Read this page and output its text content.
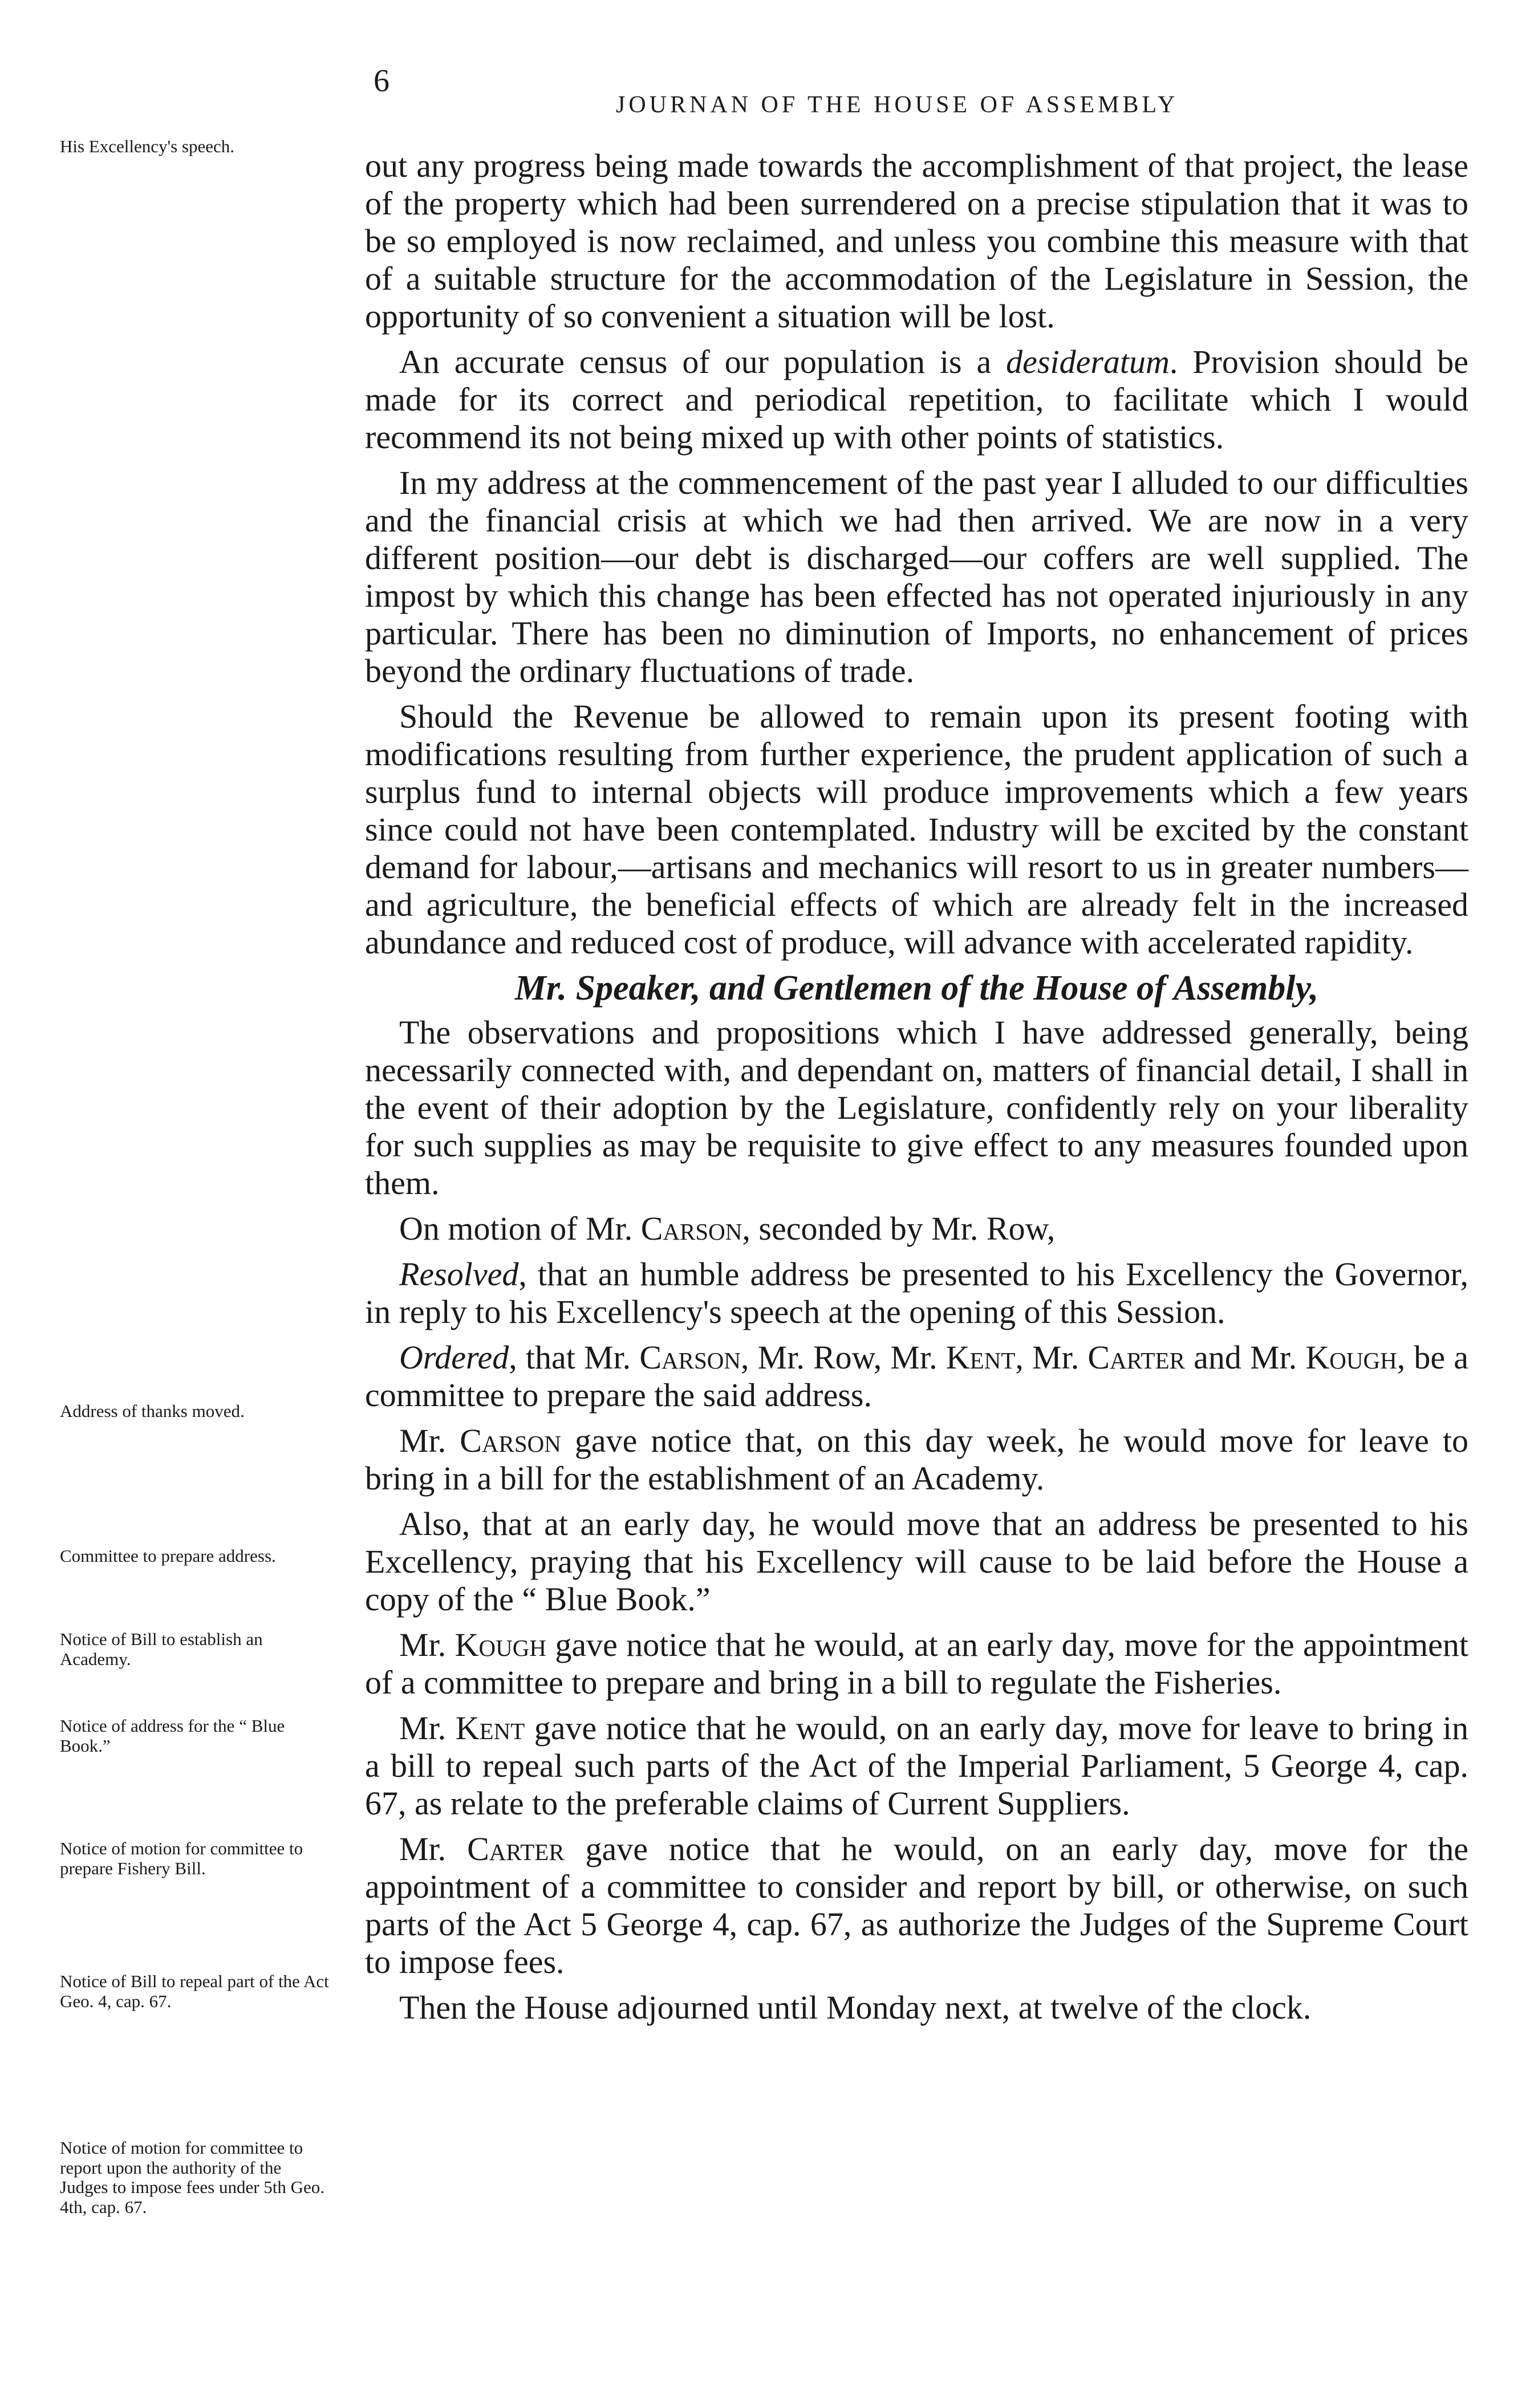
6
JOURNAN OF THE HOUSE OF ASSEMBLY
His Excellency's speech.
Address of thanks moved.
Committee to prepare address.
Notice of Bill to establish an Academy.
Notice of address for the “ Blue Book.”
Notice of motion for committee to prepare Fishery Bill.
Notice of Bill to repeal part of the Act Geo. 4, cap. 67.
Notice of motion for committee to report upon the authority of the Judges to impose fees under 5th Geo. 4th, cap. 67.

out any progress being made towards the accomplishment of that project, the lease of the property which had been surrendered on a precise stipulation that it was to be so employed is now reclaimed, and unless you combine this measure with that of a suitable structure for the accommodation of the Legislature in Session, the opportunity of so convenient a situation will be lost.

An accurate census of our population is a desideratum. Provision should be made for its correct and periodical repetition, to facilitate which I would recommend its not being mixed up with other points of statistics.

In my address at the commencement of the past year I alluded to our difficulties and the financial crisis at which we had then arrived. We are now in a very different position—our debt is discharged—our coffers are well supplied. The impost by which this change has been effected has not operated injuriously in any particular. There has been no diminution of Imports, no enhancement of prices beyond the ordinary fluctuations of trade.

Should the Revenue be allowed to remain upon its present footing with modifications resulting from further experience, the prudent application of such a surplus fund to internal objects will produce improvements which a few years since could not have been contemplated. Industry will be excited by the constant demand for labour,—artisans and mechanics will resort to us in greater numbers—and agriculture, the beneficial effects of which are already felt in the increased abundance and reduced cost of produce, will advance with accelerated rapidity.

Mr. Speaker, and Gentlemen of the House of Assembly,

The observations and propositions which I have addressed generally, being necessarily connected with, and dependant on, matters of financial detail, I shall in the event of their adoption by the Legislature, confidently rely on your liberality for such supplies as may be requisite to give effect to any measures founded upon them.

On motion of Mr. Carson, seconded by Mr. Row,

Resolved, that an humble address be presented to his Excellency the Governor, in reply to his Excellency's speech at the opening of this Session.

Ordered, that Mr. Carson, Mr. Row, Mr. Kent, Mr. Carter and Mr. Kough, be a committee to prepare the said address.

Mr. Carson gave notice that, on this day week, he would move for leave to bring in a bill for the establishment of an Academy.

Also, that at an early day, he would move that an address be presented to his Excellency, praying that his Excellency will cause to be laid before the House a copy of the “ Blue Book.”

Mr. Kough gave notice that he would, at an early day, move for the appointment of a committee to prepare and bring in a bill to regulate the Fisheries.

Mr. Kent gave notice that he would, on an early day, move for leave to bring in a bill to repeal such parts of the Act of the Imperial Parliament, 5 George 4, cap. 67, as relate to the preferable claims of Current Suppliers.

Mr. Carter gave notice that he would, on an early day, move for the appointment of a committee to consider and report by bill, or otherwise, on such parts of the Act 5 George 4, cap. 67, as authorize the Judges of the Supreme Court to impose fees.

Then the House adjourned until Monday next, at twelve of the clock.
